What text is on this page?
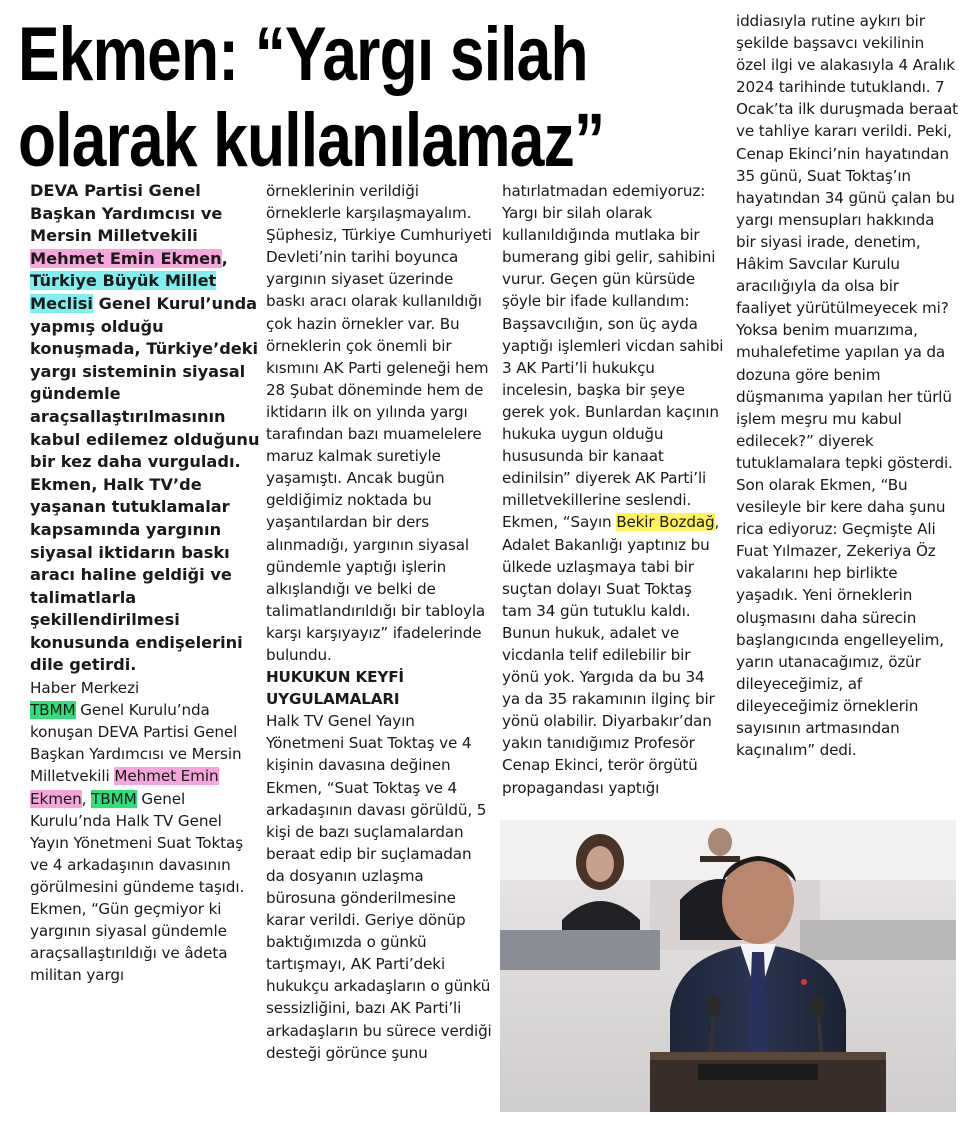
Ekmen: “Yargı silah
olarak kullanılamaz”

DEVA Partisi Genel Başkan Yardımcısı ve Mersin Milletvekili Mehmet Emin Ekmen, Türkiye Büyük Millet Meclisi Genel Kurul’unda yapmış olduğu konuşmada, Türkiye’deki yargı sisteminin siyasal gündemle araçsallaştırılmasının kabul edilemez olduğunu bir kez daha vurguladı. Ekmen, Halk TV’de yaşanan tutuklamalar kapsamında yargının siyasal iktidarın baskı aracı haline geldiği ve talimatlarla şekillendirilmesi konusunda endişelerini dile getirdi.

Haber Merkezi

TBMM Genel Kurulu’nda konuşan DEVA Partisi Genel Başkan Yardımcısı ve Mersin Milletvekili Mehmet Emin Ekmen, TBMM Genel Kurulu’nda Halk TV Genel Yayın Yönetmeni Suat Toktaş ve 4 arkadaşının davasının görülmesini gündeme taşıdı. Ekmen, “Gün geçmiyor ki yargının siyasal gündemle araçsallaştırıldığı ve âdeta militan yargı

örneklerinin verildiği örneklerle karşılaşmayalım. Şüphesiz, Türkiye Cumhuriyeti Devleti’nin tarihi boyunca yargının siyaset üzerinde baskı aracı olarak kullanıldığı çok hazin örnekler var. Bu örneklerin çok önemli bir kısmını AK Parti geleneği hem 28 Şubat döneminde hem de iktidarın ilk on yılında yargı tarafından bazı muamelelere maruz kalmak suretiyle yaşamıştı. Ancak bugün geldiğimiz noktada bu yaşantılardan bir ders alınmadığı, yargının siyasal gündemle yaptığı işlerin alkışlandığı ve belki de talimatlandırıldığı bir tabloyla karşı karşıyayız” ifadelerinde bulundu.

HUKUKUN KEYFİ UYGULAMALARI

Halk TV Genel Yayın Yönetmeni Suat Toktaş ve 4 kişinin davasına değinen Ekmen, “Suat Toktaş ve 4 arkadaşının davası görüldü, 5 kişi de bazı suçlamalardan beraat edip bir suçlamadan da dosyanın uzlaşma bürosuna gönderilmesine karar verildi. Geriye dönüp baktığımızda o günkü tartışmayı, AK Parti’deki hukukçu arkadaşların o günkü sessizliğini, bazı AK Parti’li arkadaşların bu sürece verdiği desteği görünce şunu

hatırlatmadan edemiyoruz: Yargı bir silah olarak kullanıldığında mutlaka bir bumerang gibi gelir, sahibini vurur. Geçen gün kürsüde şöyle bir ifade kullandım: Başsavcılığın, son üç ayda yaptığı işlemleri vicdan sahibi 3 AK Parti’li hukukçu incelesin, başka bir şeye gerek yok. Bunlardan kaçının hukuka uygun olduğu hususunda bir kanaat edinilsin” diyerek AK Parti’li milletvekillerine seslendi. Ekmen, “Sayın Bekir Bozdağ, Adalet Bakanlığı yaptınız bu ülkede uzlaşmaya tabi bir suçtan dolayı Suat Toktaş tam 34 gün tutuklu kaldı. Bunun hukuk, adalet ve vicdanla telif edilebilir bir yönü yok. Yargıda da bu 34 ya da 35 rakamının ilginç bir yönü olabilir. Diyarbakır’dan yakın tanıdığımız Profesör Cenap Ekinci, terör örgütü propagandası yaptığı

iddiasıyla rutine aykırı bir şekilde başsavcı vekilinin özel ilgi ve alakasıyla 4 Aralık 2024 tarihinde tutuklandı. 7 Ocak’ta ilk duruşmada beraat ve tahliye kararı verildi. Peki, Cenap Ekinci’nin hayatından 35 günü, Suat Toktaş’ın hayatından 34 günü çalan bu yargı mensupları hakkında bir siyasi irade, denetim, Hâkim Savcılar Kurulu aracılığıyla da olsa bir faaliyet yürütülmeyecek mi? Yoksa benim muarızıma, muhalefetime yapılan ya da dozuna göre benim düşmanıma yapılan her türlü işlem meşru mu kabul edilecek?” diyerek tutuklamalara tepki gösterdi. Son olarak Ekmen, “Bu vesileyle bir kere daha şunu rica ediyoruz: Geçmişte Ali Fuat Yılmazer, Zekeriya Öz vakalarını hep birlikte yaşadık. Yeni örneklerin oluşmasını daha sürecin başlangıcında engelleyelim, yarın utanacağımız, özür dileyeceğimiz, af dileyeceğimiz örneklerin sayısının artmasından kaçınalım” dedi.
